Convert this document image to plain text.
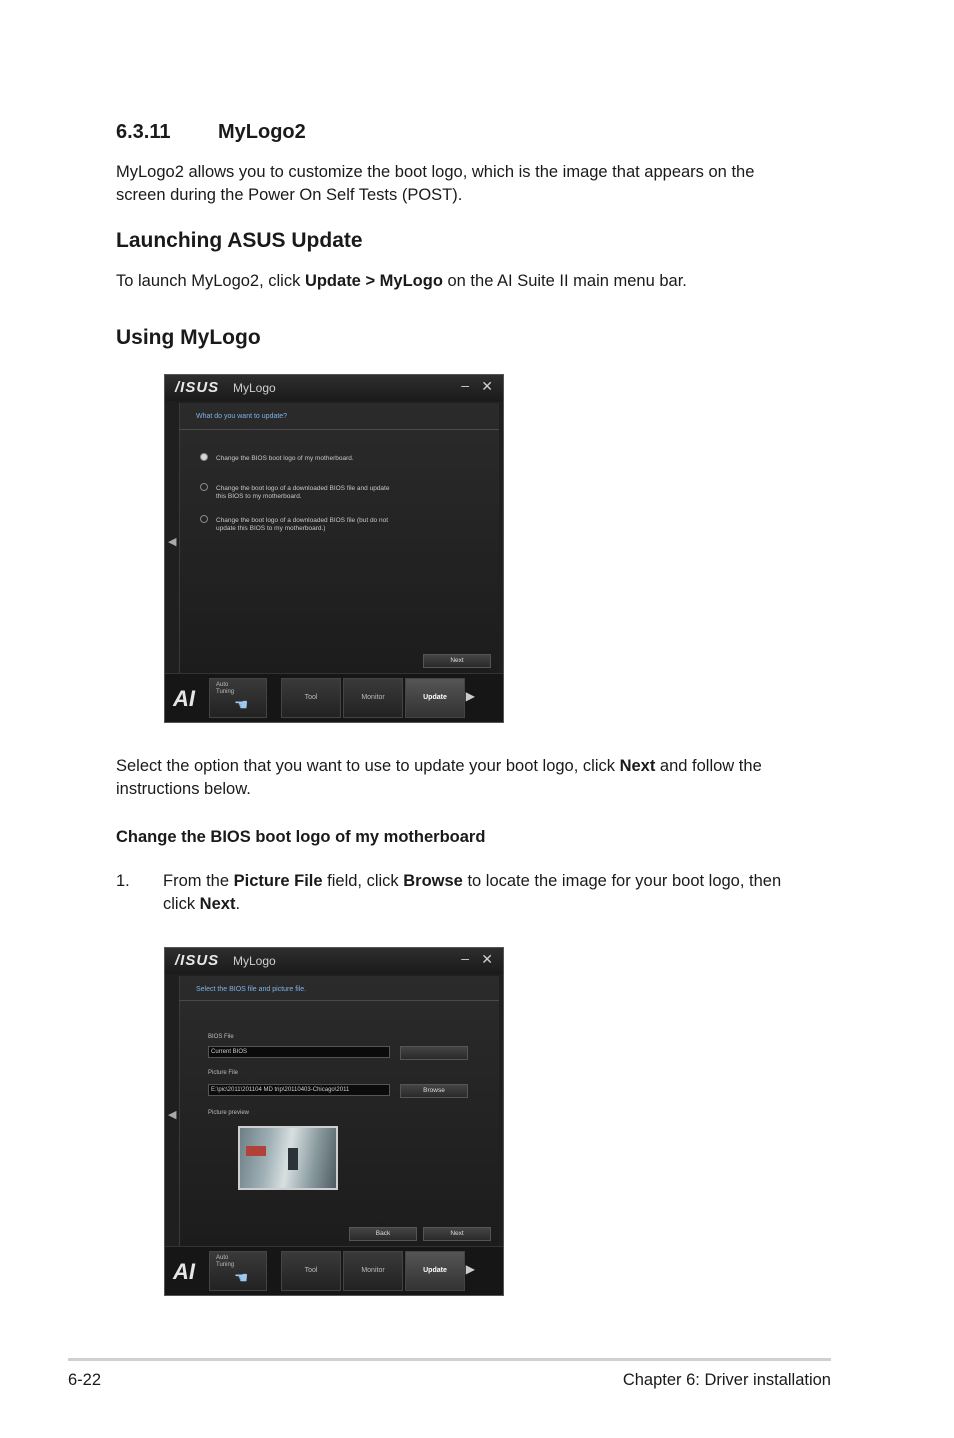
6.3.11 MyLogo2
MyLogo2 allows you to customize the boot logo, which is the image that appears on the
screen during the Power On Self Tests (POST).
Launching ASUS Update
To launch MyLogo2, click Update > MyLogo on the AI Suite II main menu bar.
Using MyLogo
/ISUS MyLogo	– ✕
◀
What do you want to update?
Change the BIOS boot logo of my motherboard.
Change the boot logo of a downloaded BIOS file and update
this BIOS to my motherboard.
Change the boot logo of a downloaded BIOS file (but do not
update this BIOS to my motherboard.)
Next
AI
Auto Tuning
☚	Tool	Monitor	Update	▶
Select the option that you want to use to update your boot logo, click Next and follow the
instructions below.
Change the BIOS boot logo of my motherboard
1. From the Picture File field, click Browse to locate the image for your boot logo, then
click Next.
/ISUS MyLogo	– ✕
◀
Select the BIOS file and picture file.
BIOS File
Current BIOS
Picture File
E:\pic\2011\201104 MD trip\20110403-Chicago\2011	Browse
Picture preview
Back	Next
AI
Auto Tuning
☚	Tool	Monitor	Update	▶
6-22	Chapter 6: Driver installation
